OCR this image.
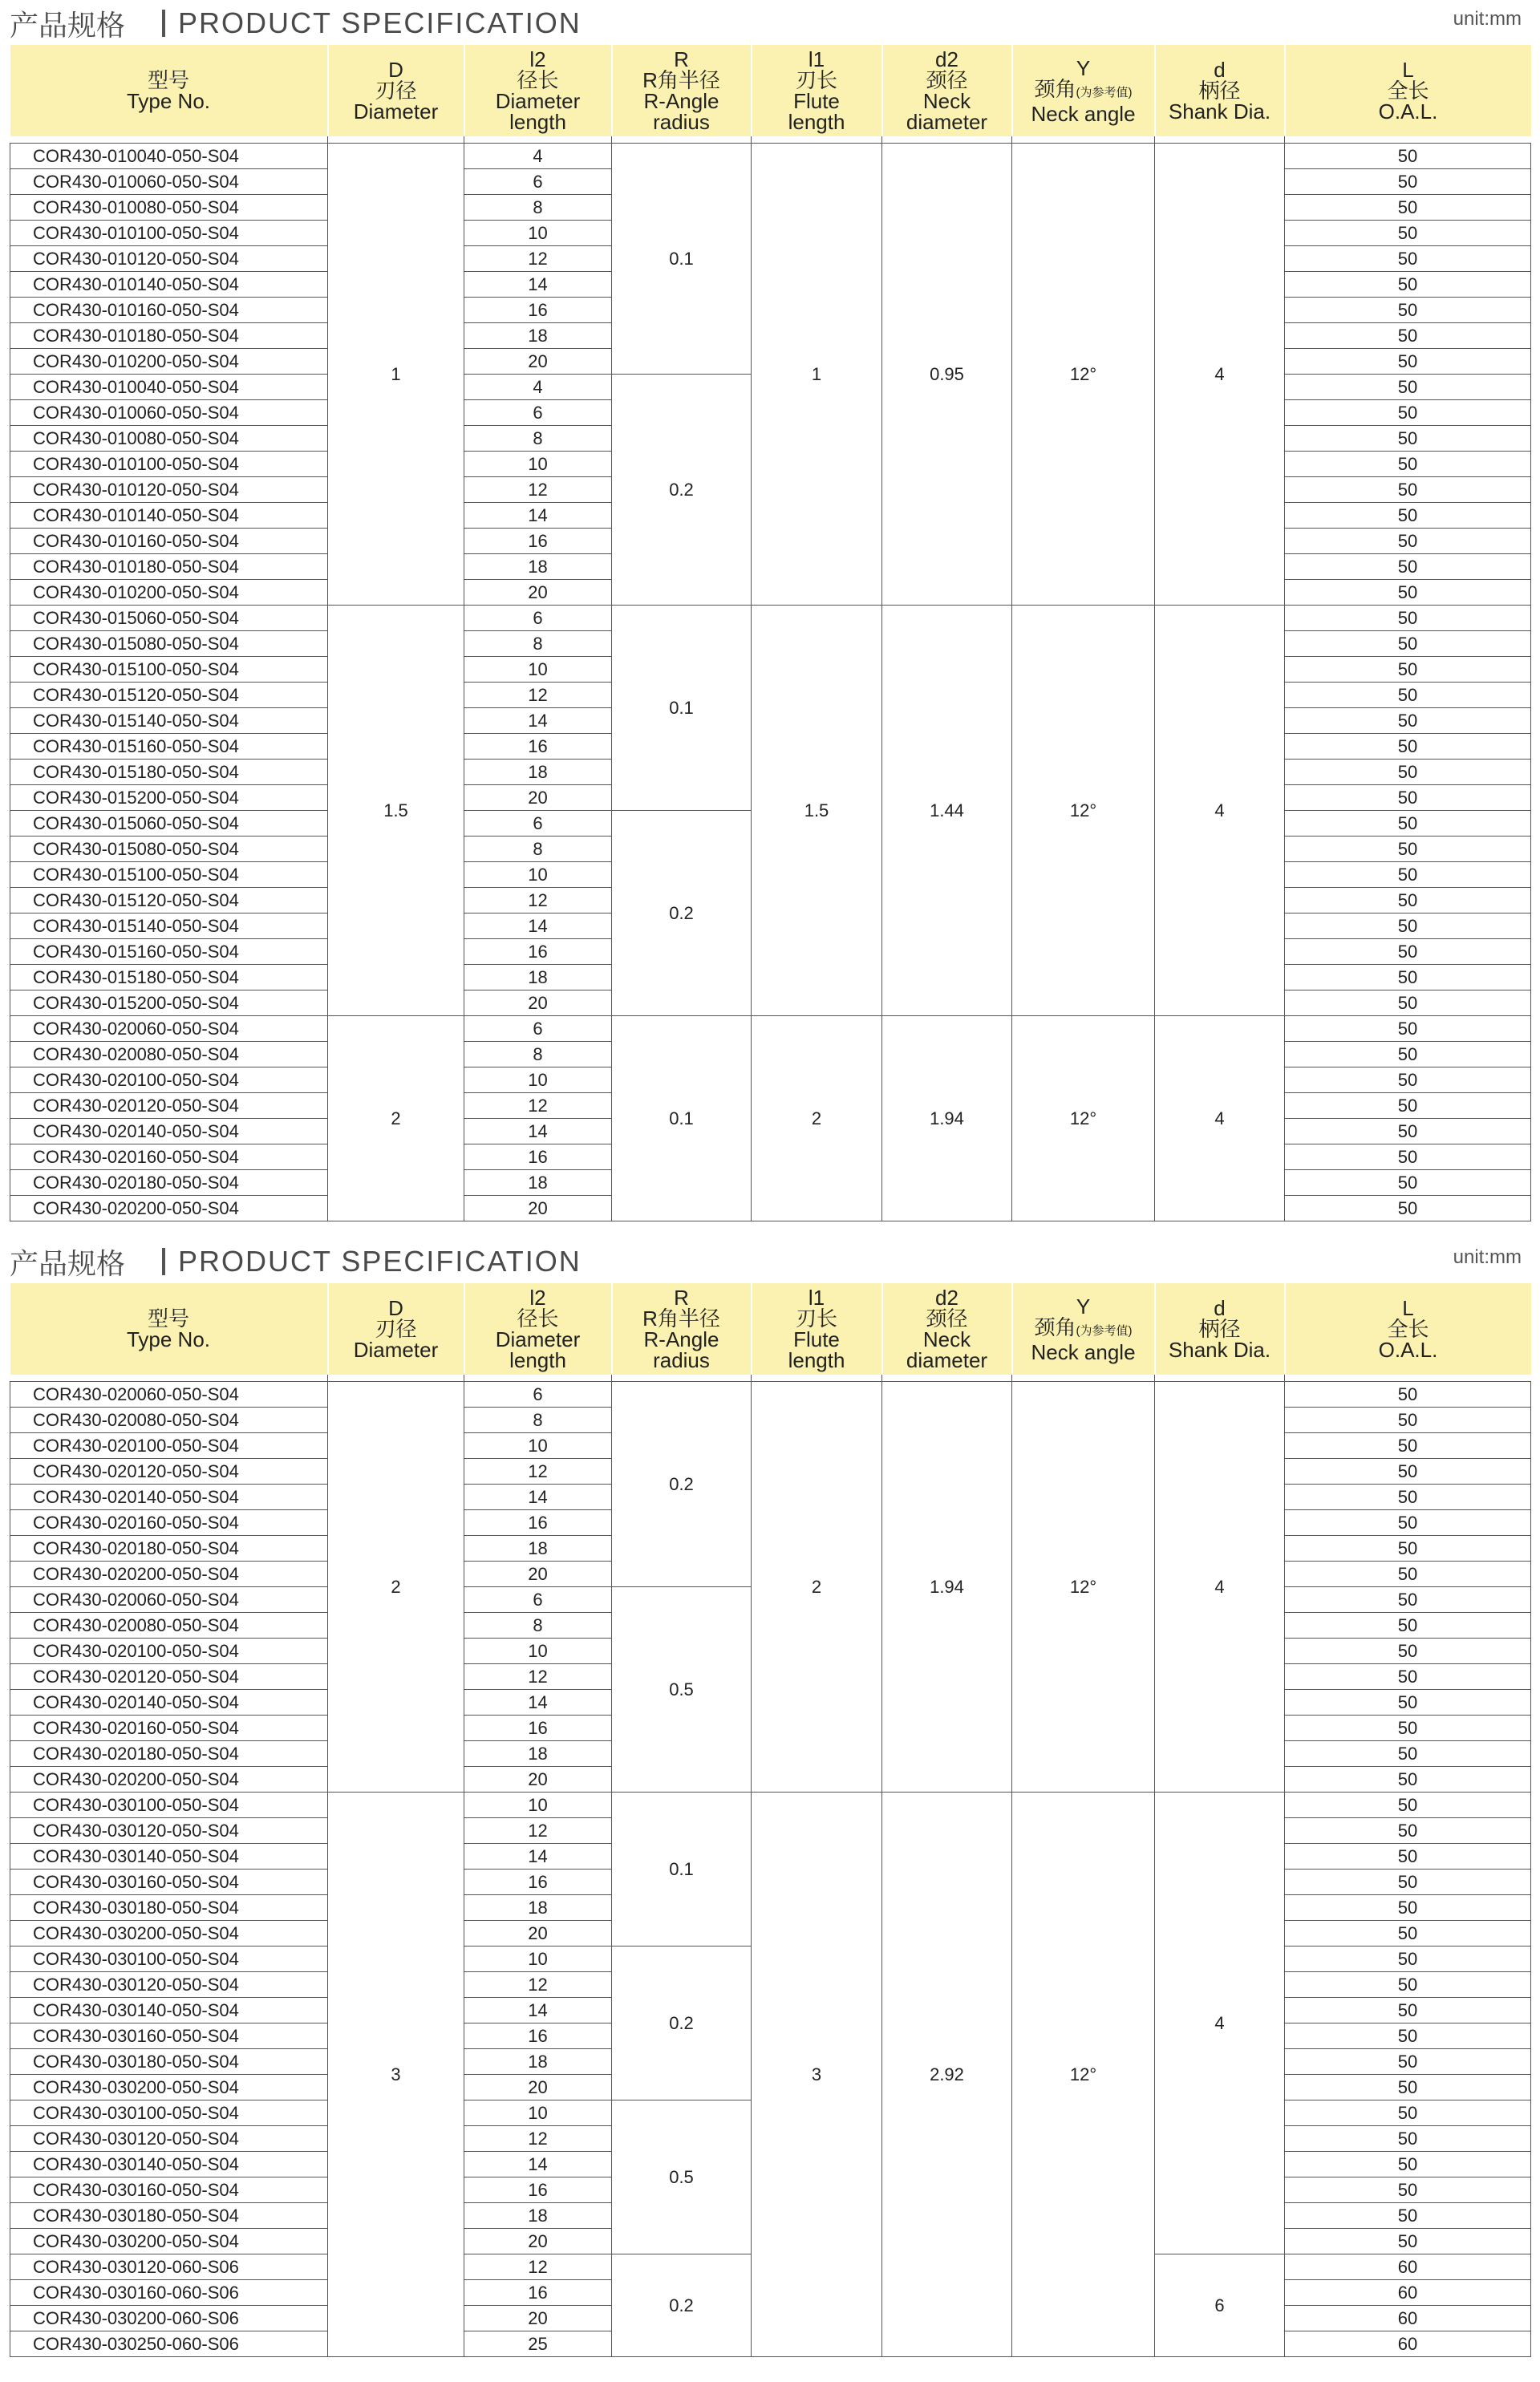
产品规格 PRODUCT SPECIFICATION	unit:mm
型号
Type No.	D
刃径
Diameter	l2
径长
Diameter
length	R
R角半径
R-Angle
radius	l1
刃长
Flute
length	d2
颈径
Neck
diameter	Y
颈角(为参考值)
Neck angle	d
柄径
Shank Dia.	L
全长
O.A.L.

COR430-010040-050-S04	1	4	0.1	1	0.95	12°	4	50
COR430-010060-050-S04		6						50
COR430-010080-050-S04		8						50
COR430-010100-050-S04		10						50
COR430-010120-050-S04		12						50
COR430-010140-050-S04		14						50
COR430-010160-050-S04		16						50
COR430-010180-050-S04		18						50
COR430-010200-050-S04		20						50
COR430-010040-050-S04		4	0.2					50
COR430-010060-050-S04		6						50
COR430-010080-050-S04		8						50
COR430-010100-050-S04		10						50
COR430-010120-050-S04		12						50
COR430-010140-050-S04		14						50
COR430-010160-050-S04		16						50
COR430-010180-050-S04		18						50
COR430-010200-050-S04		20						50
COR430-015060-050-S04	1.5	6	0.1	1.5	1.44	12°	4	50
COR430-015080-050-S04		8						50
COR430-015100-050-S04		10						50
COR430-015120-050-S04		12						50
COR430-015140-050-S04		14						50
COR430-015160-050-S04		16						50
COR430-015180-050-S04		18						50
COR430-015200-050-S04		20						50
COR430-015060-050-S04		6	0.2					50
COR430-015080-050-S04		8						50
COR430-015100-050-S04		10						50
COR430-015120-050-S04		12						50
COR430-015140-050-S04		14						50
COR430-015160-050-S04		16						50
COR430-015180-050-S04		18						50
COR430-015200-050-S04		20						50
COR430-020060-050-S04	2	6	0.1	2	1.94	12°	4	50
COR430-020080-050-S04		8						50
COR430-020100-050-S04		10						50
COR430-020120-050-S04		12						50
COR430-020140-050-S04		14						50
COR430-020160-050-S04		16						50
COR430-020180-050-S04		18						50
COR430-020200-050-S04		20						50
产品规格 PRODUCT SPECIFICATION	unit:mm
型号
Type No.	D
刃径
Diameter	l2
径长
Diameter
length	R
R角半径
R-Angle
radius	l1
刃长
Flute
length	d2
颈径
Neck
diameter	Y
颈角(为参考值)
Neck angle	d
柄径
Shank Dia.	L
全长
O.A.L.

COR430-020060-050-S04	2	6	0.2	2	1.94	12°	4	50
COR430-020080-050-S04		8						50
COR430-020100-050-S04		10						50
COR430-020120-050-S04		12						50
COR430-020140-050-S04		14						50
COR430-020160-050-S04		16						50
COR430-020180-050-S04		18						50
COR430-020200-050-S04		20						50
COR430-020060-050-S04		6	0.5					50
COR430-020080-050-S04		8						50
COR430-020100-050-S04		10						50
COR430-020120-050-S04		12						50
COR430-020140-050-S04		14						50
COR430-020160-050-S04		16						50
COR430-020180-050-S04		18						50
COR430-020200-050-S04		20						50
COR430-030100-050-S04	3	10	0.1	3	2.92	12°	4	50
COR430-030120-050-S04		12						50
COR430-030140-050-S04		14						50
COR430-030160-050-S04		16						50
COR430-030180-050-S04		18						50
COR430-030200-050-S04		20						50
COR430-030100-050-S04		10	0.2					50
COR430-030120-050-S04		12						50
COR430-030140-050-S04		14						50
COR430-030160-050-S04		16						50
COR430-030180-050-S04		18						50
COR430-030200-050-S04		20						50
COR430-030100-050-S04		10	0.5					50
COR430-030120-050-S04		12						50
COR430-030140-050-S04		14						50
COR430-030160-050-S04		16						50
COR430-030180-050-S04		18						50
COR430-030200-050-S04		20						50
COR430-030120-060-S06		12	0.2				6	60
COR430-030160-060-S06		16						60
COR430-030200-060-S06		20						60
COR430-030250-060-S06		25						60
